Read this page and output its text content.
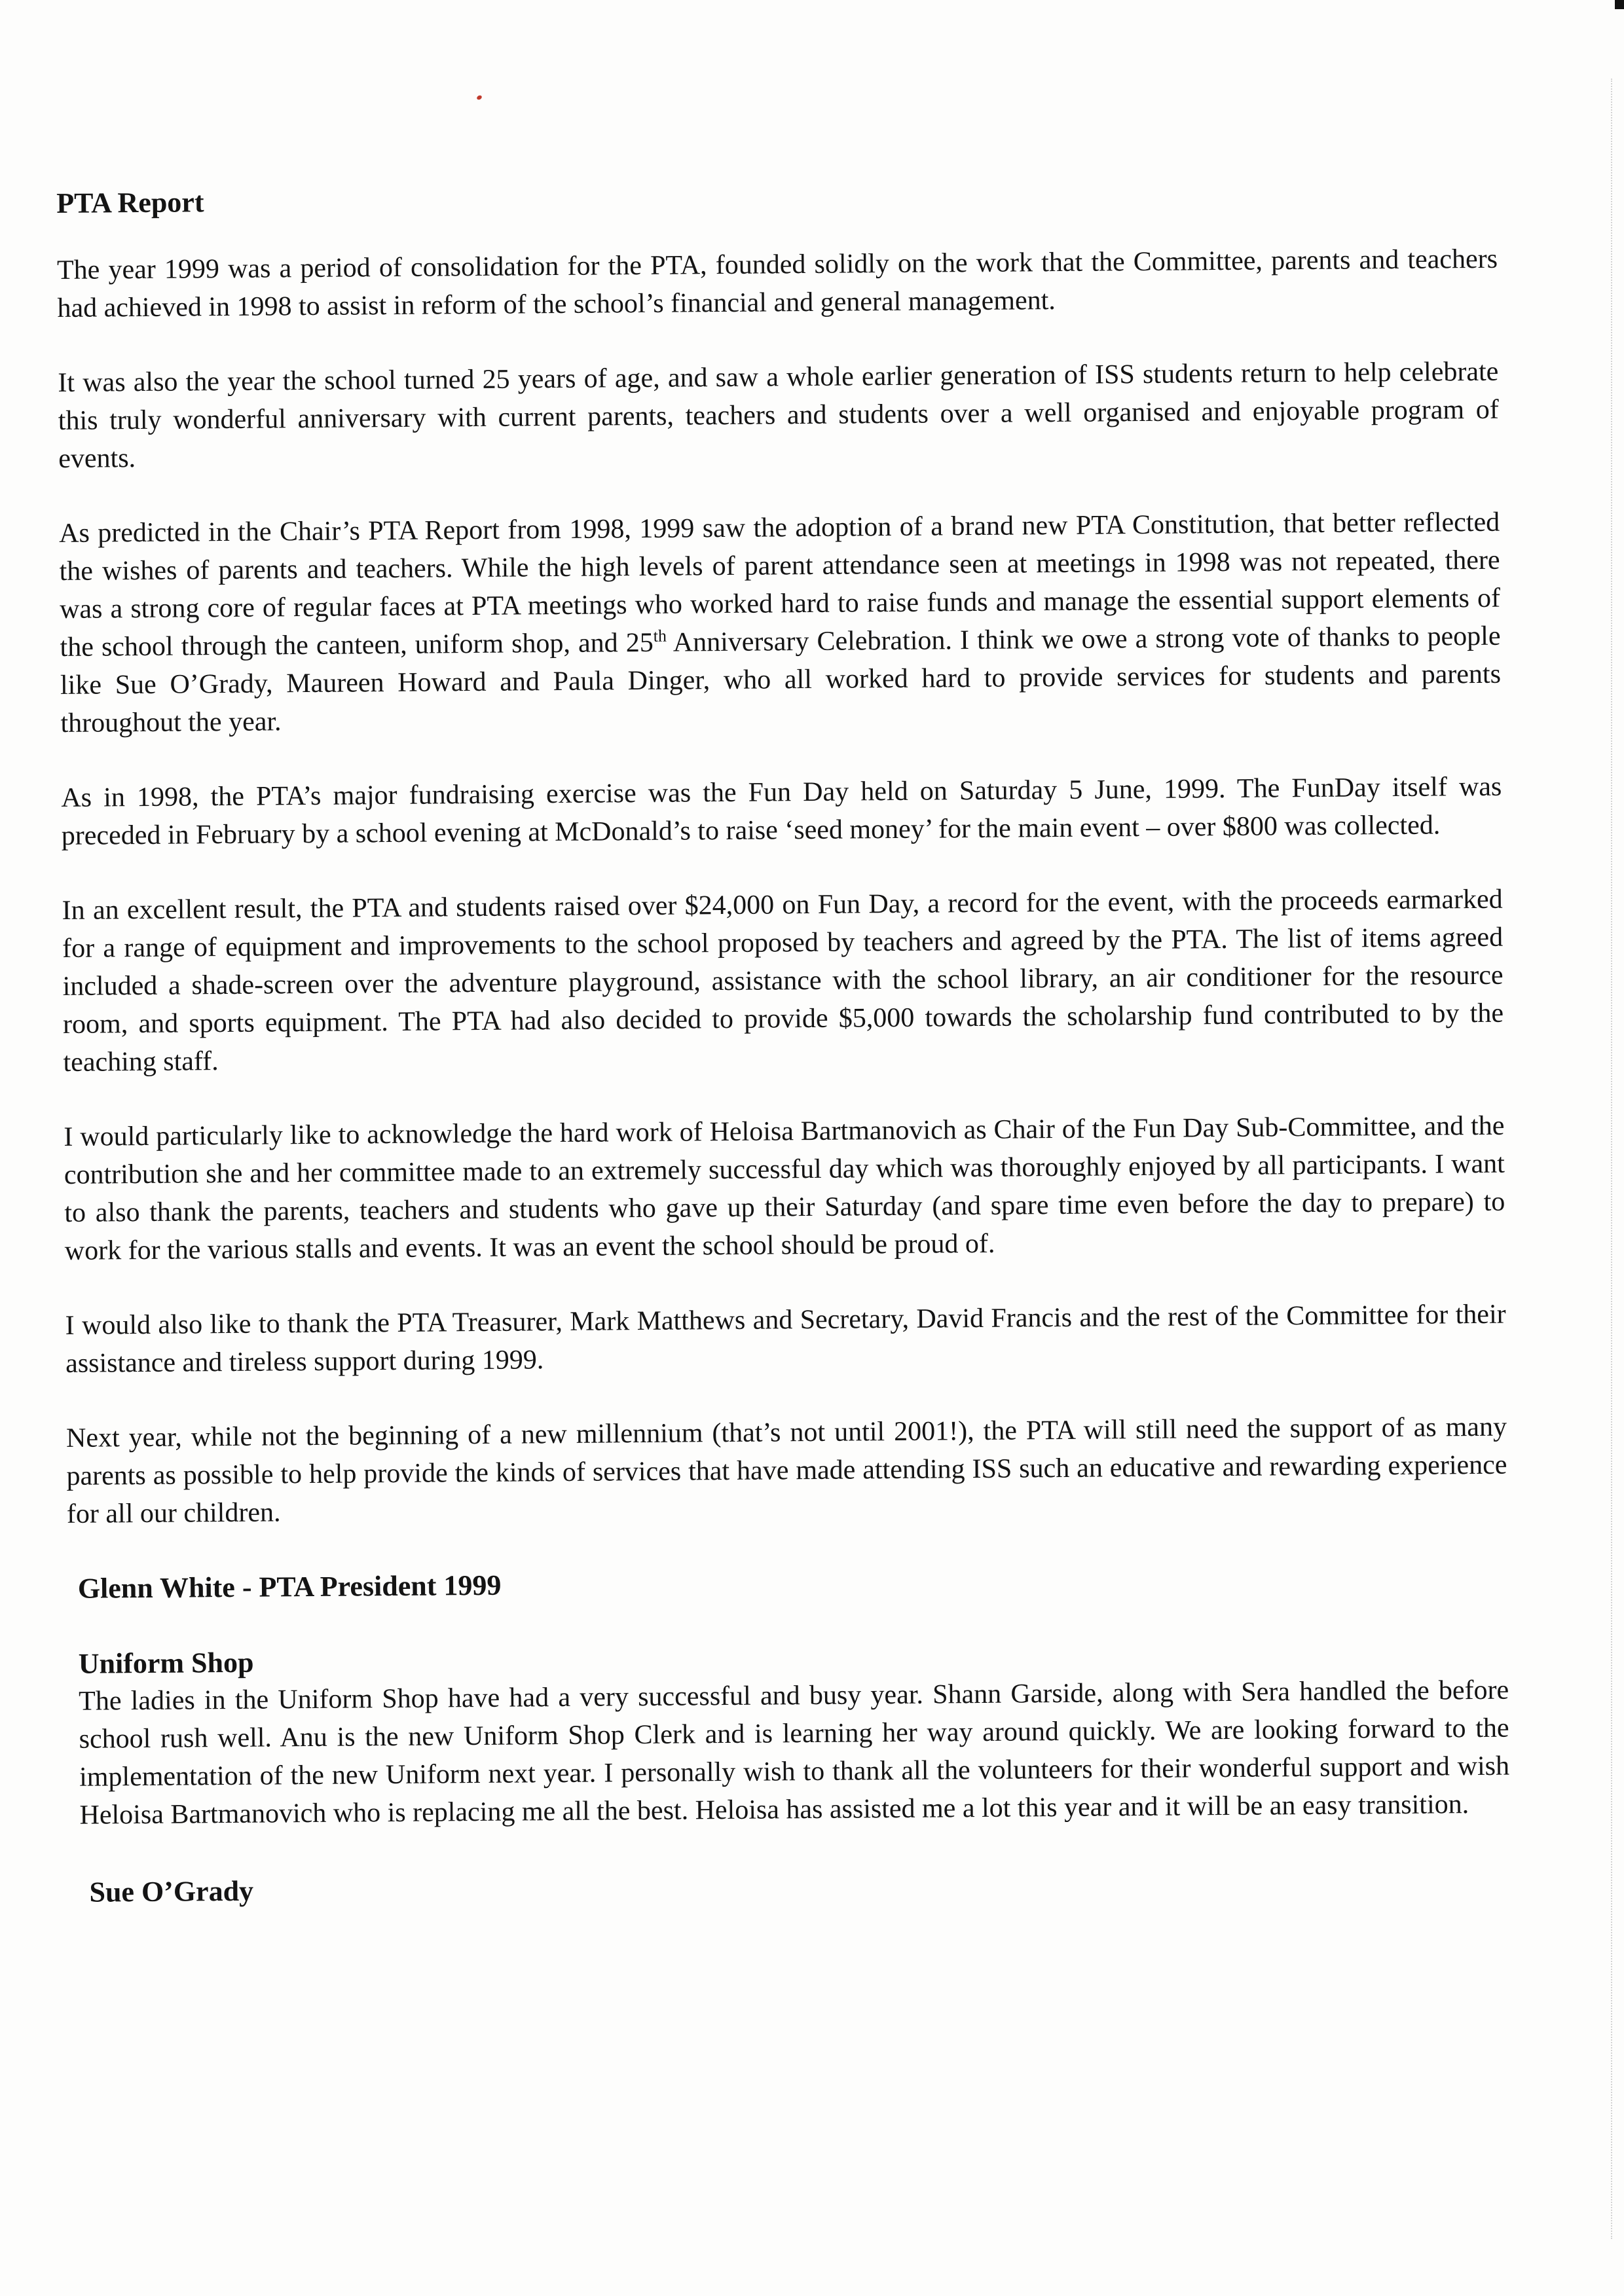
PTA Report

The year 1999 was a period of consolidation for the PTA, founded solidly on the work that the Committee, parents and teachers had achieved in 1998 to assist in reform of the school’s financial and general management.

It was also the year the school turned 25 years of age, and saw a whole earlier generation of ISS students return to help celebrate this truly wonderful anniversary with current parents, teachers and students over a well organised and enjoyable program of events.

As predicted in the Chair’s PTA Report from 1998, 1999 saw the adoption of a brand new PTA Constitution, that better reflected the wishes of parents and teachers. While the high levels of parent attendance seen at meetings in 1998 was not repeated, there was a strong core of regular faces at PTA meetings who worked hard to raise funds and manage the essential support elements of the school through the canteen, uniform shop, and 25th Anniversary Celebration. I think we owe a strong vote of thanks to people like Sue O’Grady, Maureen Howard and Paula Dinger, who all worked hard to provide services for students and parents throughout the year.

As in 1998, the PTA’s major fundraising exercise was the Fun Day held on Saturday 5 June, 1999. The FunDay itself was preceded in February by a school evening at McDonald’s to raise ‘seed money’ for the main event – over $800 was collected.

In an excellent result, the PTA and students raised over $24,000 on Fun Day, a record for the event, with the proceeds earmarked for a range of equipment and improvements to the school proposed by teachers and agreed by the PTA. The list of items agreed included a shade-screen over the adventure playground, assistance with the school library, an air conditioner for the resource room, and sports equipment. The PTA had also decided to provide $5,000 towards the scholarship fund contributed to by the teaching staff.

I would particularly like to acknowledge the hard work of Heloisa Bartmanovich as Chair of the Fun Day Sub-Committee, and the contribution she and her committee made to an extremely successful day which was thoroughly enjoyed by all participants. I want to also thank the parents, teachers and students who gave up their Saturday (and spare time even before the day to prepare) to work for the various stalls and events. It was an event the school should be proud of.

I would also like to thank the PTA Treasurer, Mark Matthews and Secretary, David Francis and the rest of the Committee for their assistance and tireless support during 1999.

Next year, while not the beginning of a new millennium (that’s not until 2001!), the PTA will still need the support of as many parents as possible to help provide the kinds of services that have made attending ISS such an educative and rewarding experience for all our children.

Glenn White - PTA President 1999
Uniform Shop

The ladies in the Uniform Shop have had a very successful and busy year. Shann Garside, along with Sera handled the before school rush well. Anu is the new Uniform Shop Clerk and is learning her way around quickly. We are looking forward to the implementation of the new Uniform next year. I personally wish to thank all the volunteers for their wonderful support and wish Heloisa Bartmanovich who is replacing me all the best. Heloisa has assisted me a lot this year and it will be an easy transition.

Sue O’Grady
